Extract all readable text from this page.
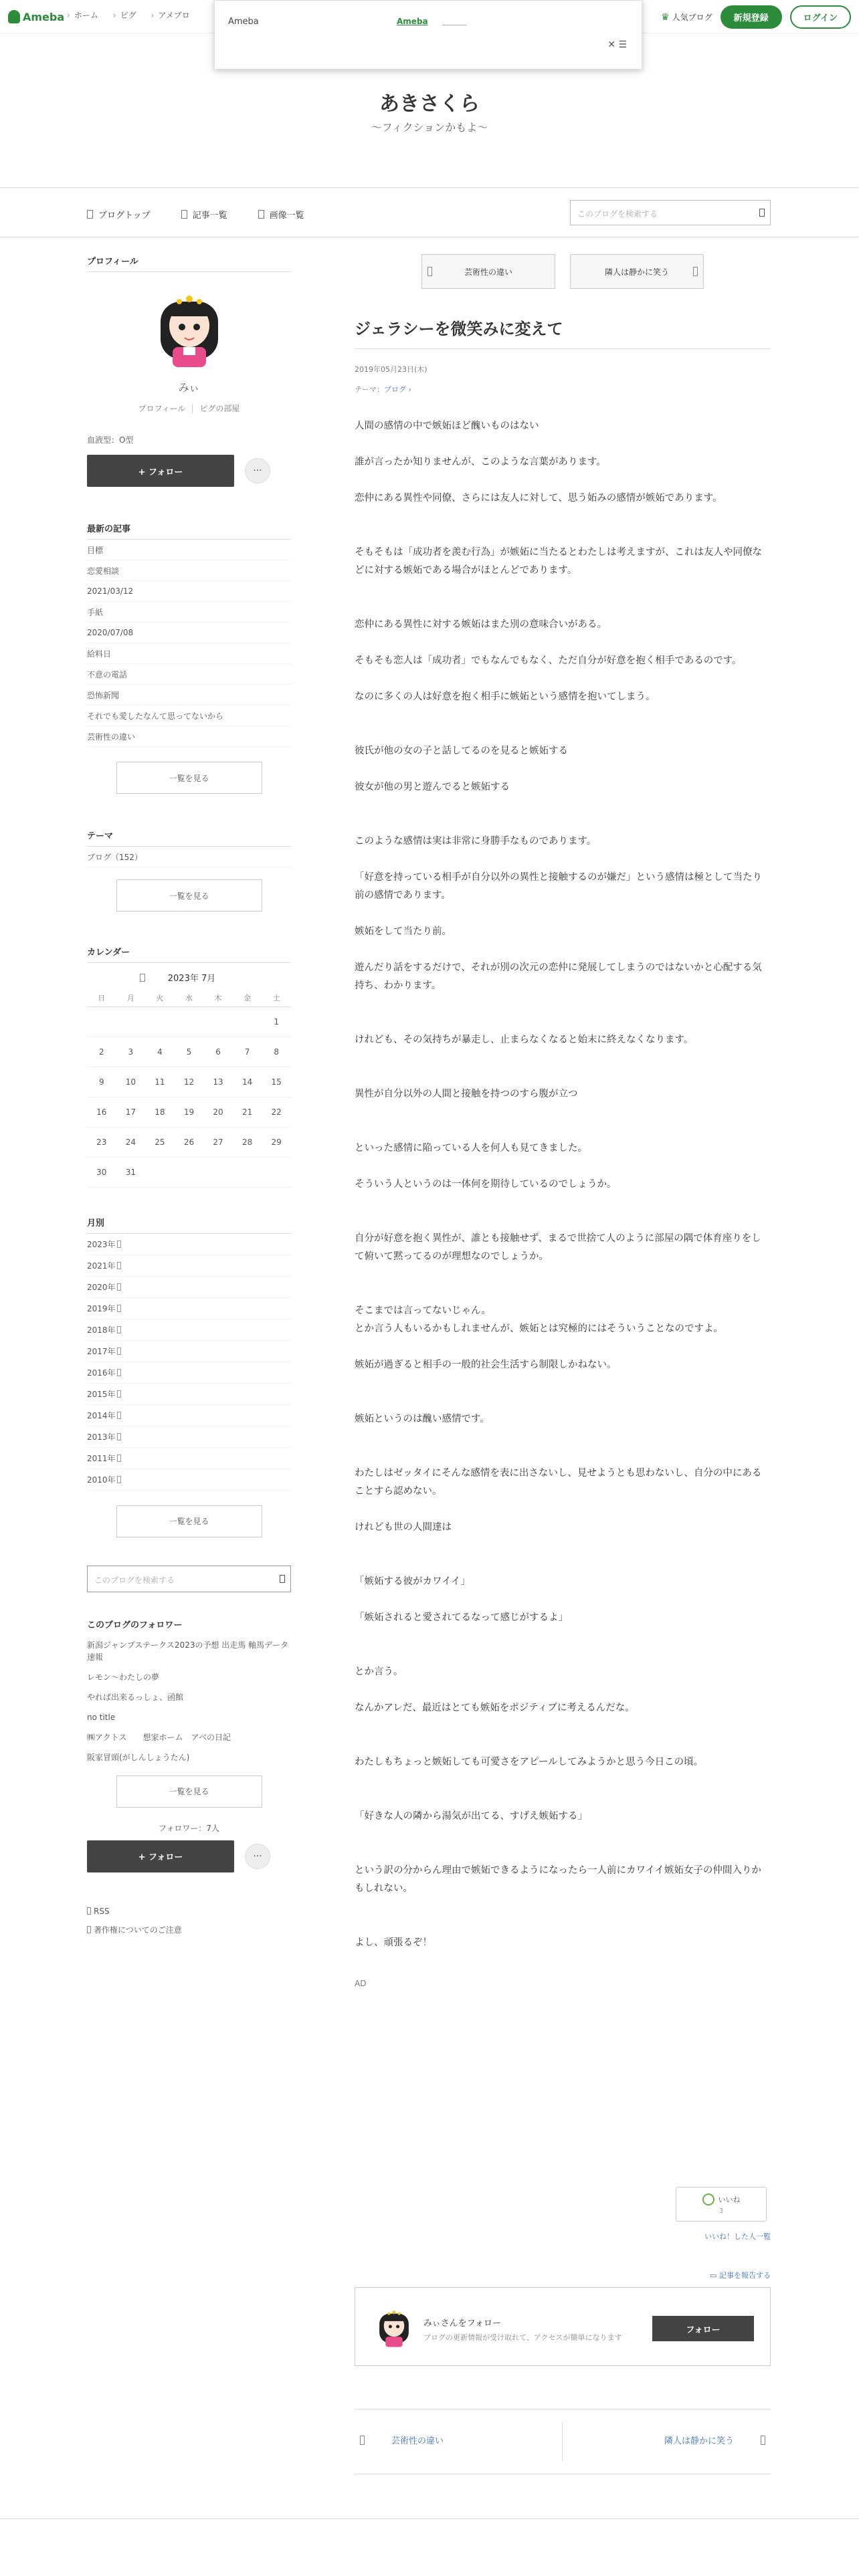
Ameba	› ホーム	› ピグ	› アメブロ	♛ 人気ブログ	新規登録	ログイン
Ameba	Ameba
✕ ☰
あきさくら
〜フィクションかもよ〜
ブログトップ	記事一覧	画像一覧	このブログを検索する
プロフィール
みぃ
プロフィール ピグの部屋
血液型：O型
+ フォロー	···
最新の記事
目標
恋愛相談
2021/03/12
手紙
2020/07/08
給料日
不意の電話
恐怖新聞
それでも愛したなんて思ってないから
芸術性の違い
一覧を見る
テーマ
ブログ（152）
一覧を見る
カレンダー
2023年 7月
日	月	火	水	木	金	土
						1
2	3	4	5	6	7	8
9	10	11	12	13	14	15
16	17	18	19	20	21	22
23	24	25	26	27	28	29
30	31					
月別
2023年
2021年
2020年
2019年
2018年
2017年
2016年
2015年
2014年
2013年
2011年
2010年
一覧を見る
このブログを検索する
このブログのフォロワー
新潟ジャンプステークス2023の予想 出走馬 軸馬データ速報
レモン〜わたしの夢
やれば出来るっしょ、函館
no title
㈱アクトス　　想家ホーム　アベの日記
阪家冒頭(がしんしょうたん)
一覧を見る
フォロワー：7人
+ フォロー	···
RSS
著作権についてのご注意
芸術性の違い	隣人は静かに笑う
ジェラシーを微笑みに変えて
2019年05月23日(木)
テーマ：ブログ ›

人間の感情の中で嫉妬ほど醜いものはない

誰が言ったか知りませんが、このような言葉があります。

恋仲にある異性や同僚、さらには友人に対して、思う妬みの感情が嫉妬であります。

そもそもは「成功者を羨む行為」が嫉妬に当たるとわたしは考えますが、これは友人や同僚などに対する嫉妬である場合がほとんどであります。

恋仲にある異性に対する嫉妬はまた別の意味合いがある。

そもそも恋人は「成功者」でもなんでもなく、ただ自分が好意を抱く相手であるのです。

なのに多くの人は好意を抱く相手に嫉妬という感情を抱いてしまう。

彼氏が他の女の子と話してるのを見ると嫉妬する

彼女が他の男と遊んでると嫉妬する

このような感情は実は非常に身勝手なものであります。

「好意を持っている相手が自分以外の異性と接触するのが嫌だ」という感情は極として当たり前の感情であります。

嫉妬をして当たり前。

遊んだり話をするだけで、それが別の次元の恋仲に発展してしまうのではないかと心配する気持ち、わかります。

けれども、その気持ちが暴走し、止まらなくなると始末に終えなくなります。

異性が自分以外の人間と接触を持つのすら腹が立つ

といった感情に陥っている人を何人も見てきました。

そういう人というのは一体何を期待しているのでしょうか。

自分が好意を抱く異性が、誰とも接触せず、まるで世捨て人のように部屋の隅で体育座りをして俯いて黙ってるのが理想なのでしょうか。

そこまでは言ってないじゃん。
とか言う人もいるかもしれませんが、嫉妬とは究極的にはそういうことなのですよ。

嫉妬が過ぎると相手の一般的社会生活すら制限しかねない。

嫉妬というのは醜い感情です。

わたしはゼッタイにそんな感情を表に出さないし、見せようとも思わないし、自分の中にあることすら認めない。

けれども世の人間達は

「嫉妬する彼がカワイイ」

「嫉妬されると愛されてるなって感じがするよ」

とか言う。

なんかアレだ、最近はとても嫉妬をポジティブに考えるんだな。

わたしもちょっと嫉妬しても可愛さをアピールしてみようかと思う今日この頃。

「好きな人の隣から湯気が出てる、すげえ嫉妬する」

という訳の分からん理由で嫉妬できるようになったら一人前にカワイイ嫉妬女子の仲間入りかもしれない。

よし、頑張るぞ！

AD
いいね
3
いいね！した人一覧
▭ 記事を報告する
みぃさんをフォロー
ブログの更新情報が受け取れて、アクセスが簡単になります
フォロー
芸術性の違い	隣人は静かに笑う
